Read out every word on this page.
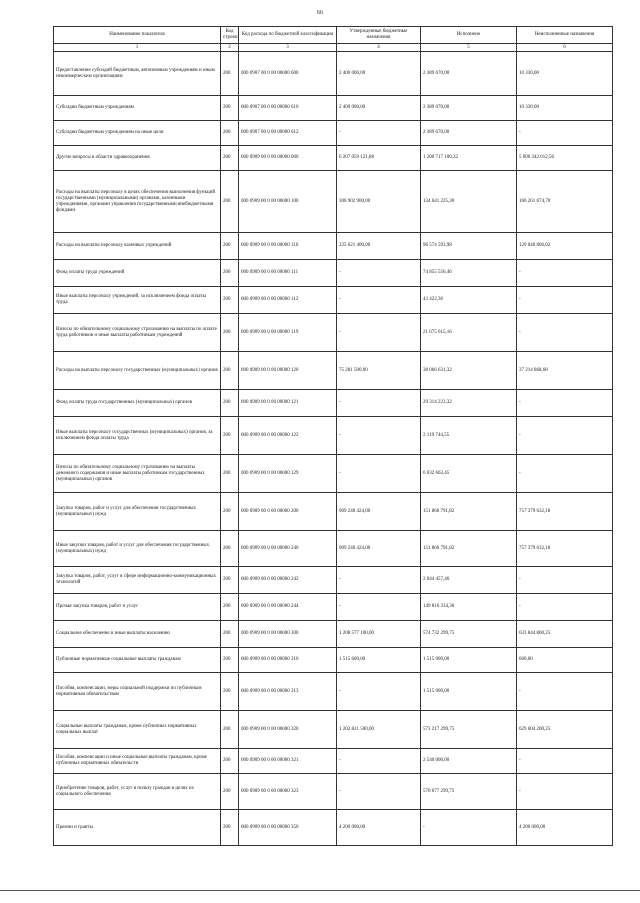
66
Наименование показателя	Код строки	Код расхода по бюджетной классификации	Утвержденные бюджетные назначения	Исполнено	Неисполненные назначения
1	2	3	4	5	6
Предоставление субсидий бюджетным, автономным учреждениям и иным некоммерческим организациям	200	000 0907 00 0 00 00000 600	2 400 000,00	2 389 670,00	10 330,00
Субсидии бюджетным учреждениям	200	000 0907 00 0 00 00000 610	2 400 000,00	2 389 670,00	10 330,00
Субсидии бюджетным учреждениям на иные цели	200	000 0907 00 0 00 00000 612	-	2 389 670,00	-
Другие вопросы в области здравоохранения	200	000 0909 00 0 00 00000 000	6 207 059 121,88	1 200 717 100,32	5 006 342 012,56
Расходы на выплаты персоналу в целях обеспечения выполнения функций государственными (муниципальными) органами, казенными учреждениями, органами управления государственными внебюджетными фондами	200	000 0909 00 0 00 00000 100	300 902 900,00	134 641 225,30	166 261 674,70
Расходы на выплаты персоналу казенных учреждений	200	000 0909 00 0 00 00000 110	225 621 400,00	96 574 593,98	129 046 806,02
Фонд оплаты труда учреждений	200	000 0909 00 0 00 00000 111	-	74 855 556,46	-
Иные выплаты персоналу учреждений, за исключением фонда оплаты труда	200	000 0909 00 0 00 00000 112	-	43 422,36	-
Взносы по обязательному социальному страхованию на выплаты по оплате труда работников и иные выплаты работникам учреждений	200	000 0909 00 0 00 00000 119	-	21 675 615,16	-
Расходы на выплаты персоналу государственных (муниципальных) органов	200	000 0909 00 0 00 00000 120	75 281 500,00	38 066 631,32	37 214 868,68
Фонд оплаты труда государственных (муниципальных) органов	200	000 0909 00 0 00 00000 121	-	29 314 223,32	-
Иные выплаты персоналу государственных (муниципальных) органов, за исключением фонда оплаты труда	200	000 0909 00 0 00 00000 122	-	2 119 744,55	-
Взносы по обязательному социальному страхованию на выплаты денежного содержания и иные выплаты работникам государственных (муниципальных) органов	200	000 0909 00 0 00 00000 129	-	6 632 663,45	-
Закупка товаров, работ и услуг для обеспечения государственных (муниципальных) нужд	200	000 0909 00 0 00 00000 200	909 240 424,00	151 860 791,82	757 379 632,18
Иные закупки товаров, работ и услуг для обеспечения государственных (муниципальных) нужд	200	000 0909 00 0 00 00000 240	909 240 424,00	151 860 791,82	757 379 632,18
Закупка товаров, работ, услуг в сфере информационно-коммуникационных технологий	200	000 0909 00 0 00 00000 242	-	2 044 457,46	-
Прочая закупка товаров, работ и услуг	200	000 0909 00 0 00 00000 244	-	149 816 334,36	-
Социальное обеспечение и иные выплаты населению	200	000 0909 00 0 00 00000 300	1 208 577 100,00	574 732 299,75	633 844 800,25
Публичные нормативные социальные выплаты гражданам	200	000 0909 00 0 00 00000 310	1 515 600,00	1 515 000,00	600,00
Пособия, компенсации, меры социальной поддержки по публичным нормативным обязательствам	200	000 0909 00 0 00 00000 313	-	1 515 000,00	-
Социальные выплаты гражданам, кроме публичных нормативных социальных выплат	200	000 0909 00 0 00 00000 320	1 202 821 500,00	573 217 299,75	629 604 200,25
Пособия, компенсации и иные социальные выплаты гражданам, кроме публичных нормативных обязательств	200	000 0909 00 0 00 00000 321	-	2 540 000,00	-
Приобретение товаров, работ, услуг в пользу граждан в целях их социального обеспечения	200	000 0909 00 0 00 00000 323	-	570 677 299,75	-
Премии и гранты	200	000 0909 00 0 00 00000 350	4 200 000,00	-	4 200 000,00
